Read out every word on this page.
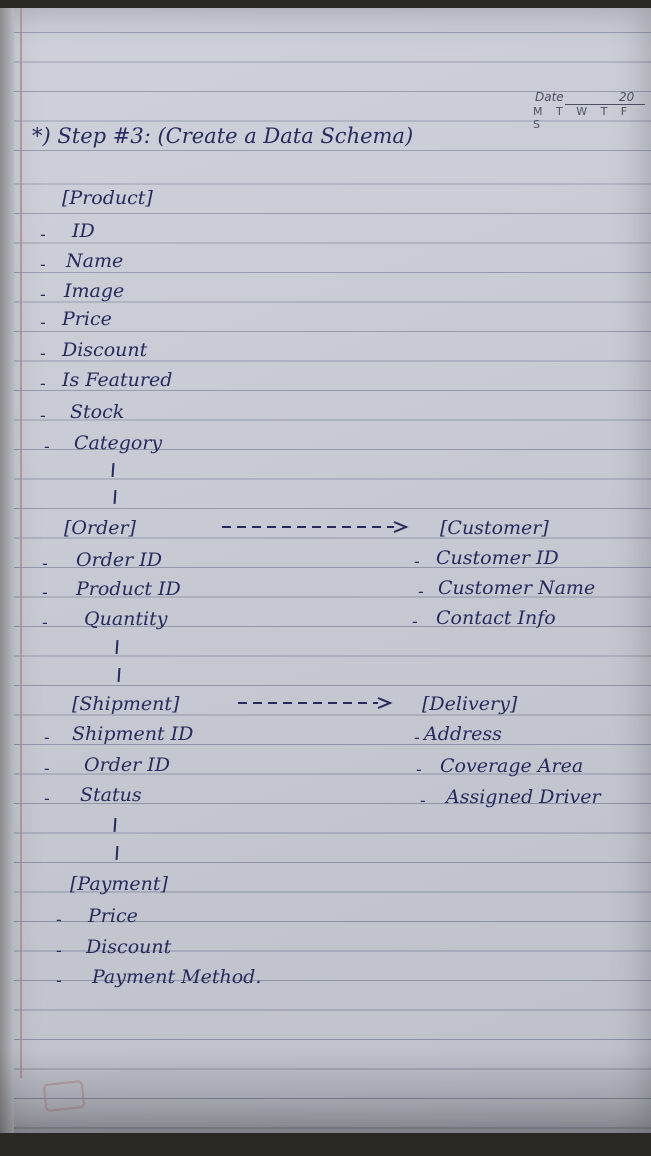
Date	20
M T W T F S
*) Step #3: (Create a Data Schema)
[Product]
- ID
- Name
- Image
- Price
- Discount
- Is Featured
- Stock
- Category
[Order]
- Order ID
- Product ID
- Quantity
[Customer]
- Customer ID
- Customer Name
- Contact Info
[Shipment]
- Shipment ID
- Order ID
- Status
[Delivery]
- Address
- Coverage Area
- Assigned Driver
[Payment]
- Price
- Discount
- Payment Method.
